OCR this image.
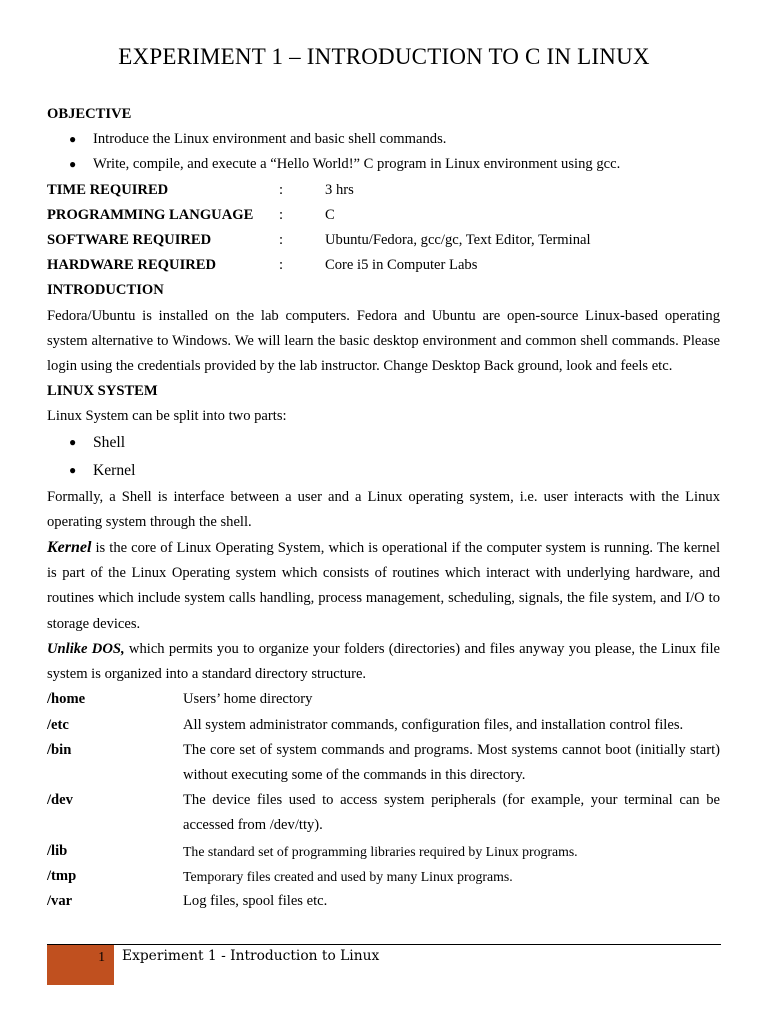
EXPERIMENT 1 – INTRODUCTION TO C IN LINUX
OBJECTIVE
● Introduce the Linux environment and basic shell commands.
● Write, compile, and execute a “Hello World!” C program in Linux environment using gcc.
TIME REQUIRED	:	3 hrs
PROGRAMMING LANGUAGE	:	C
SOFTWARE REQUIRED	:	Ubuntu/Fedora, gcc/gc, Text Editor, Terminal
HARDWARE REQUIRED	:	Core i5 in Computer Labs
INTRODUCTION
Fedora/Ubuntu is installed on the lab computers. Fedora and Ubuntu are open-source Linux-based operating system alternative to Windows. We will learn the basic desktop environment and common shell commands. Please login using the credentials provided by the lab instructor. Change Desktop Back ground, look and feels etc.
LINUX SYSTEM
Linux System can be split into two parts:
● Shell
● Kernel
Formally, a Shell is interface between a user and a Linux operating system, i.e. user interacts with the Linux operating system through the shell.
Kernel is the core of Linux Operating System, which is operational if the computer system is running. The kernel is part of the Linux Operating system which consists of routines which interact with underlying hardware, and routines which include system calls handling, process management, scheduling, signals, the file system, and I/O to storage devices.
Unlike DOS, which permits you to organize your folders (directories) and files anyway you please, the Linux file system is organized into a standard directory structure.
/home	Users’ home directory
/etc	All system administrator commands, configuration files, and installation control files.
/bin	The core set of system commands and programs. Most systems cannot boot (initially start) without executing some of the commands in this directory.
/dev	The device files used to access system peripherals (for example, your terminal can be accessed from /dev/tty).
/lib	The standard set of programming libraries required by Linux programs.
/tmp	Temporary files created and used by many Linux programs.
/var	Log files, spool files etc.
1	Experiment 1 - Introduction to Linux
